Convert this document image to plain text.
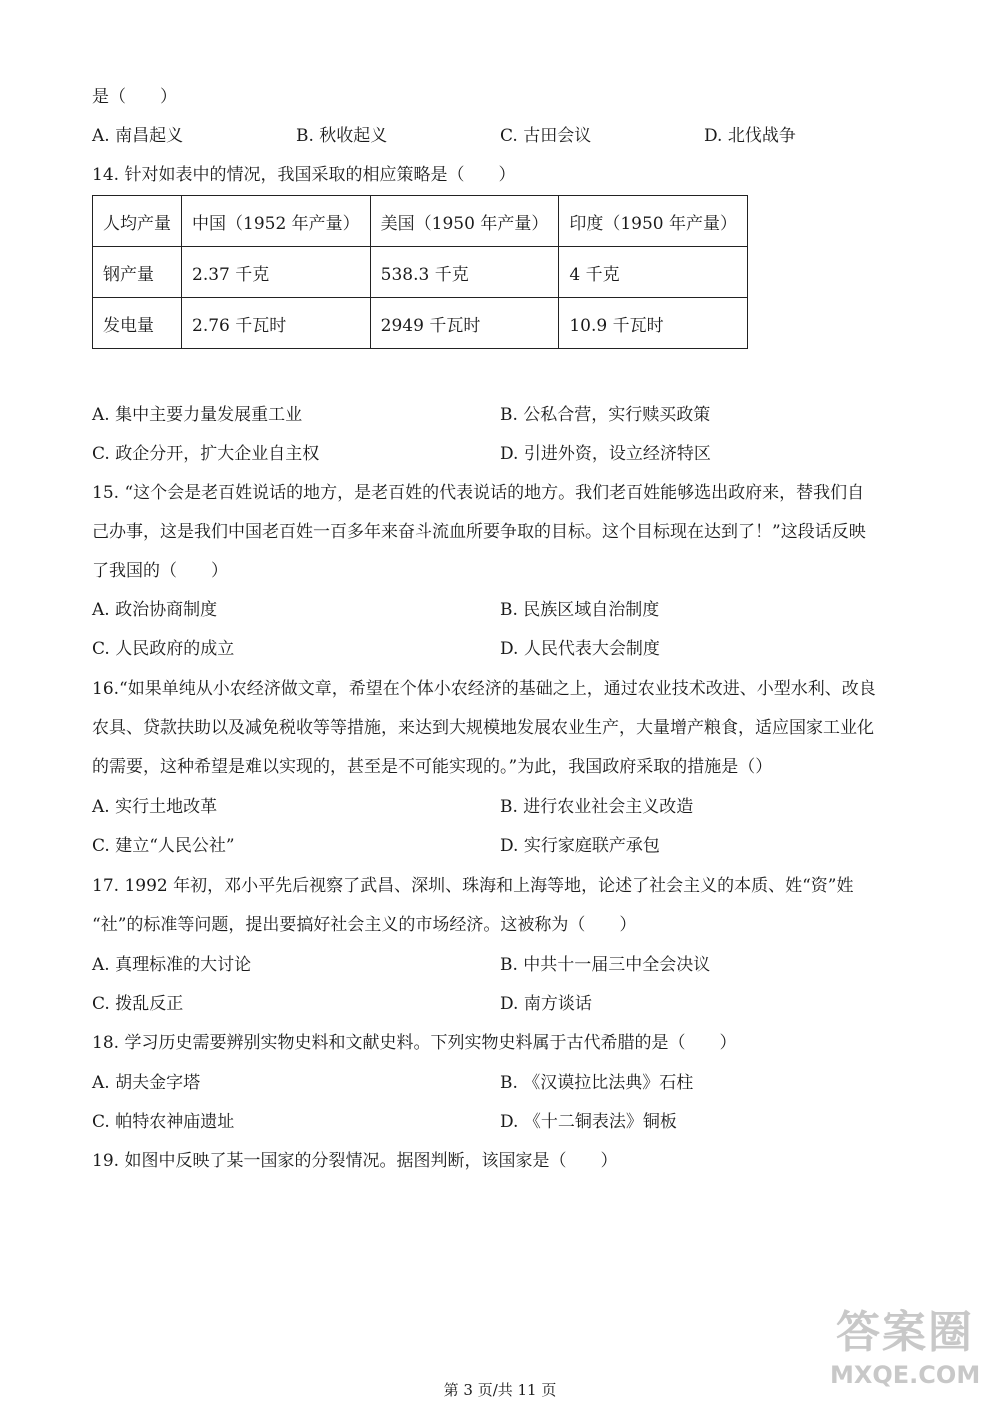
是（　　）
A. 南昌起义	B. 秋收起义	C. 古田会议	D. 北伐战争
14. 针对如表中的情况，我国采取的相应策略是（　　）
人均产量	中国（1952 年产量）	美国（1950 年产量）	印度（1950 年产量）
钢产量	2.37 千克	538.3 千克	4 千克
发电量	2.76 千瓦时	2949 千瓦时	10.9 千瓦时
A. 集中主要力量发展重工业	B. 公私合营，实行赎买政策
C. 政企分开，扩大企业自主权	D. 引进外资，设立经济特区
15. “这个会是老百姓说话的地方，是老百姓的代表说话的地方。我们老百姓能够选出政府来，替我们自
己办事，这是我们中国老百姓一百多年来奋斗流血所要争取的目标。这个目标现在达到了！”这段话反映
了我国的（　　）
A. 政治协商制度	B. 民族区域自治制度
C. 人民政府的成立	D. 人民代表大会制度
16.“如果单纯从小农经济做文章，希望在个体小农经济的基础之上，通过农业技术改进、小型水利、改良
农具、贷款扶助以及减免税收等等措施，来达到大规模地发展农业生产，大量增产粮食，适应国家工业化
的需要，这种希望是难以实现的，甚至是不可能实现的。”为此，我国政府采取的措施是（）
A. 实行土地改革	B. 进行农业社会主义改造
C. 建立“人民公社”	D. 实行家庭联产承包
17. 1992 年初，邓小平先后视察了武昌、深圳、珠海和上海等地，论述了社会主义的本质、姓“资”姓
“社”的标准等问题，提出要搞好社会主义的市场经济。这被称为（　　）
A. 真理标准的大讨论	B. 中共十一届三中全会决议
C. 拨乱反正	D. 南方谈话
18. 学习历史需要辨别实物史料和文献史料。下列实物史料属于古代希腊的是（　　）
A. 胡夫金字塔	B. 《汉谟拉比法典》石柱
C. 帕特农神庙遗址	D. 《十二铜表法》铜板
19. 如图中反映了某一国家的分裂情况。据图判断，该国家是（　　）
第 3 页/共 11 页
答案圈
MXQE.COM
